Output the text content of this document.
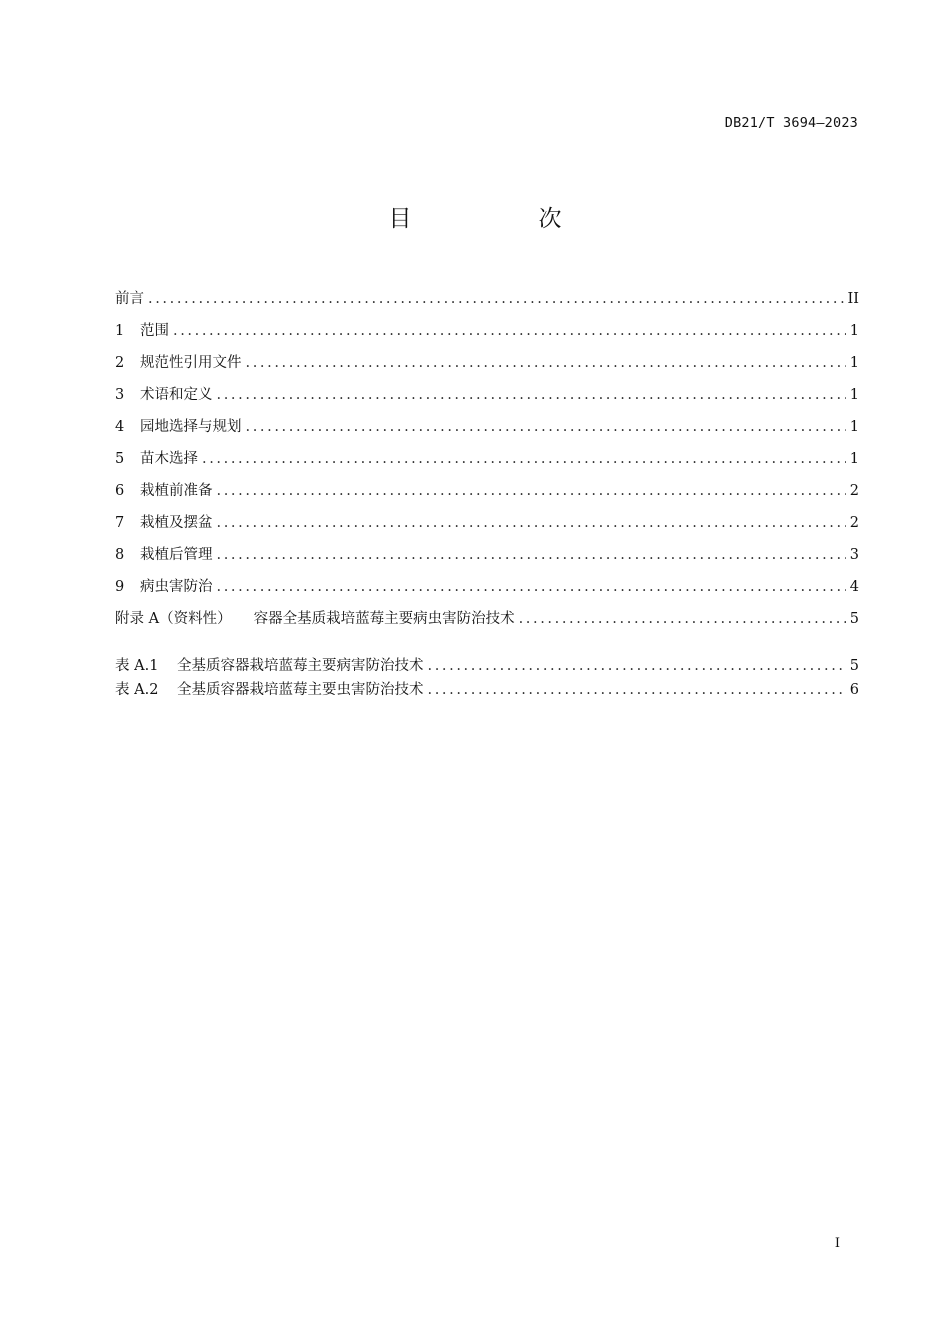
DB21/T 3694—2023
目　次
前言 .....	II
1	范围 .....	1
2	规范性引用文件 .....	1
3	术语和定义 .....	1
4	园地选择与规划 .....	1
5	苗木选择 .....	1
6	栽植前准备 .....	2
7	栽植及摆盆 .....	2
8	栽植后管理 .....	3
9	病虫害防治 .....	4
附录 A（资料性） 容器全基质栽培蓝莓主要病虫害防治技术 .....	5
表 A.1	全基质容器栽培蓝莓主要病害防治技术 .....	5
表 A.2	全基质容器栽培蓝莓主要虫害防治技术 .....	6
I
